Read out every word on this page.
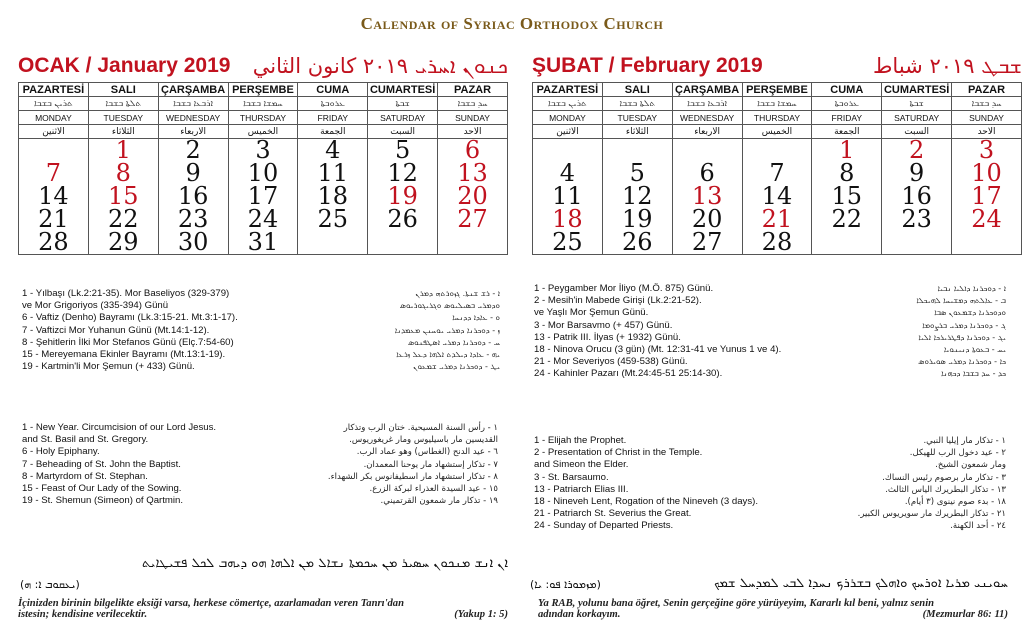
Calendar of Syriac Orthodox Church
OCAK / January 2019 ܟܢܘܢ ܐܚܪܝ ٢٠١٩ كانون الثاني
PAZARTESİ	SALI	ÇARŞAMBA	PERŞEMBE	CUMA	CUMARTESİ	PAZAR
ܬܪܝܢ ܒܫܒܐ	ܬܠܬܐ ܒܫܒܐ	ܐܪܒܥܐ ܒܫܒܐ	ܚܡܫܐ ܒܫܒܐ	ܥܪܘܒܬܐ	ܫܒܬܐ	ܚܕ ܒܫܒܐ
MONDAY	TUESDAY	WEDNESDAY	THURSDAY	FRIDAY	SATURDAY	SUNDAY
الاثنين	الثلاثاء	الاربعاء	الخميس	الجمعة	السبت	الاحد
	1	2	3	4	5	6
7	8	9	10	11	12	13
14	15	16	17	18	19	20
21	22	23	24	25	26	27
28	29	30	31			
ŞUBAT / February 2019	ܫܒܛ ٢٠١٩ شباط
PAZARTESİ	SALI	ÇARŞAMBA	PERŞEMBE	CUMA	CUMARTESİ	PAZAR
ܬܪܝܢ ܒܫܒܐ	ܬܠܬܐ ܒܫܒܐ	ܐܪܒܥܐ ܒܫܒܐ	ܚܡܫܐ ܒܫܒܐ	ܥܪܘܒܬܐ	ܫܒܬܐ	ܚܕ ܒܫܒܐ
MONDAY	TUESDAY	WEDNESDAY	THURSDAY	FRIDAY	SATURDAY	SUNDAY
الاثنين	الثلاثاء	الاربعاء	الخميس	الجمعة	السبت	الاحد
				1	2	3
4	5	6	7	8	9	10
11	12	13	14	15	16	17
18	19	20	21	22	23	24
25	26	27	28			
1 - Yılbaşı (Lk.2:21-35). Mor Baseliyos (329-379)
ve Mor Grigoriyos (335-394) Günü
6 - Vaftiz (Denho) Bayramı (Lk.3:15-21. Mt.3:1-17).
7 - Vaftizci Mor Yuhanun Günü (Mt.14:1-12).
8 - Şehitlerin İlki Mor Stefanos Günü (Elç.7:54-60)
15 - Mereyemana Ekinler Bayramı (Mt.13:1-19).
19 - Kartmin'li Mor Şemun (+ 433) Günü.
ܐ - ܪܫ ܫܢܬܐ. ܓܙܘܪܬܗ ܕܡܪܢ
ܘܕܡܪܝ ܒܣܝܠܝܘܣ ܘܓܪܝܓܘܪܝܘܣ
ܘ - ܥܐܕܐ ܕܕܢܚܐ
ܙ - ܕܘܟܪܢܐ ܕܡܪܝ ܝܘܚܢܢ ܡܥܡܕܢܐ
ܚ - ܕܘܟܪܢܐ ܕܡܪܝ ܐܣܛܦܢܘܣ
ܝܗ - ܥܐܕܐ ܕܝܠܕܬ ܐܠܗܐ ܕܥܠ ܙܪܥܐ
ܝܛ - ܕܘܟܪܢܐ ܕܡܪܝ ܫܡܥܘܢ
1 - Peygamber Mor İliyo (M.Ö. 875) Günü.
2 - Mesih'in Mabede Girişi (Lk.2:21-52).
ve Yaşlı Mor Şemun Günü.
3 - Mor Barsavmo (+ 457) Günü.
13 - Patrik III. İlyas (+ 1932) Günü.
18 - Ninova Orucu (3 gün) (Mt. 12:31-41 ve Yunus 1 ve 4).
21 - Mor Severiyos (459-538) Günü.
24 - Kahinler Pazarı (Mt.24:45-51 25:14-30).
ܐ - ܕܘܟܪܢܐ ܕܐܠܝܐ ܢܒܝܐ
ܒ - ܥܐܠܬܗ ܕܡܫܝܚܐ ܠܗܝܟܠܐ
ܘܕܘܟܪܢܐ ܕܫܡܥܘܢ ܣܒܐ
ܓ - ܕܘܟܪܢܐ ܕܡܪܝ ܒܪܨܘܡܐ
ܝܓ - ܕܘܟܪܢܐ ܕܦܛܪܝܪܟܐ ܐܠܝܐ
ܝܚ - ܒܥܘܬܐ ܕܢܝܢܘܝܐ
ܟܐ - ܕܘܟܪܢܐ ܕܡܪܝ ܣܘܝܪܘܣ
ܟܕ - ܚܕ ܒܫܒܐ ܕܟܗܢܐ
1 - New Year. Circumcision of our Lord Jesus.
and St. Basil and St. Gregory.
6 - Holy Epiphany.
7 - Beheading of St. John the Baptist.
8 - Martyrdom of St. Stephan.
15 - Feast of Our Lady of the Sowing.
19 - St. Shemun (Simeon) of Qartmin.
١ - رأس السنة المسيحية. ختان الرب وتذكار
القديسين مار باسيليوس ومار غريغوريوس.
٦ - عيد الدنح (الغطاس) وهو عماد الرب.
٧ - تذكار إستشهاد مار يوحنا المعمدان.
٨ - تذكار استشهاد مار اسطيفانوس بكر الشهداء.
١٥ - عيد السيدة العذراء لبركة الزرع.
١٩ - تذكار مار شمعون القرتميني.
1 - Elijah the Prophet.
2 - Presentation of Christ in the Temple.
and Simeon the Elder.
3 - St. Barsaumo.
13 - Patriarch Elias III.
18 - Nineveh Lent, Rogation of the Nineveh (3 days).
21 - Patriarch St. Severius the Great.
24 - Sunday of Departed Priests.
١ - تذكار مار إيليا النبي.
٢ - عيد دخول الرب للهيكل.
ومار شمعون الشيخ.
٣ - تذكار مار برصوم رئيس النساك.
١٣ - تذكار البطريرك الياس الثالث.
١٨ - بدء صوم نينوى (٣ أيام).
٢١ - تذكار البطريرك مار سويريوس الكبير.
٢٤ - أحد الكهنة.
ܐܢ ܐܢܫ ܡܢܟܘܢ ܚܣܝܪ ܡܢ ܚܟܡܬܐ ܢܫܐܠ ܡܢ ܐܠܗܐ ܗܘ ܕܝܗܒ ܠܟܠ ܦܫܝܛܐܝܬ
(ܝܥܩܘܒ ܐ: ܗ)
İçinizden birinin bilgelikte eksiği varsa, herkese cömertçe, azarlamadan veren Tanrı'dan
istesin; kendisine verilecektir.	(Yakup 1: 5)
ܚܘܝܢܝ ܡܪܝܐ ܐܘܪܚܟ ܘܐܗܠܟ ܒܫܪܪܟ ܢܚܕܐ ܠܒܝ ܠܡܕܚܠ ܫܡܟ
(ܡܙܡܘܪܐ ܦܘ: ܝܐ)
Ya RAB, yolunu bana öğret, Senin gerçeğine göre yürüyeyim, Kararlı kıl beni, yalnız senin
adından korkayım.	(Mezmurlar 86: 11)
